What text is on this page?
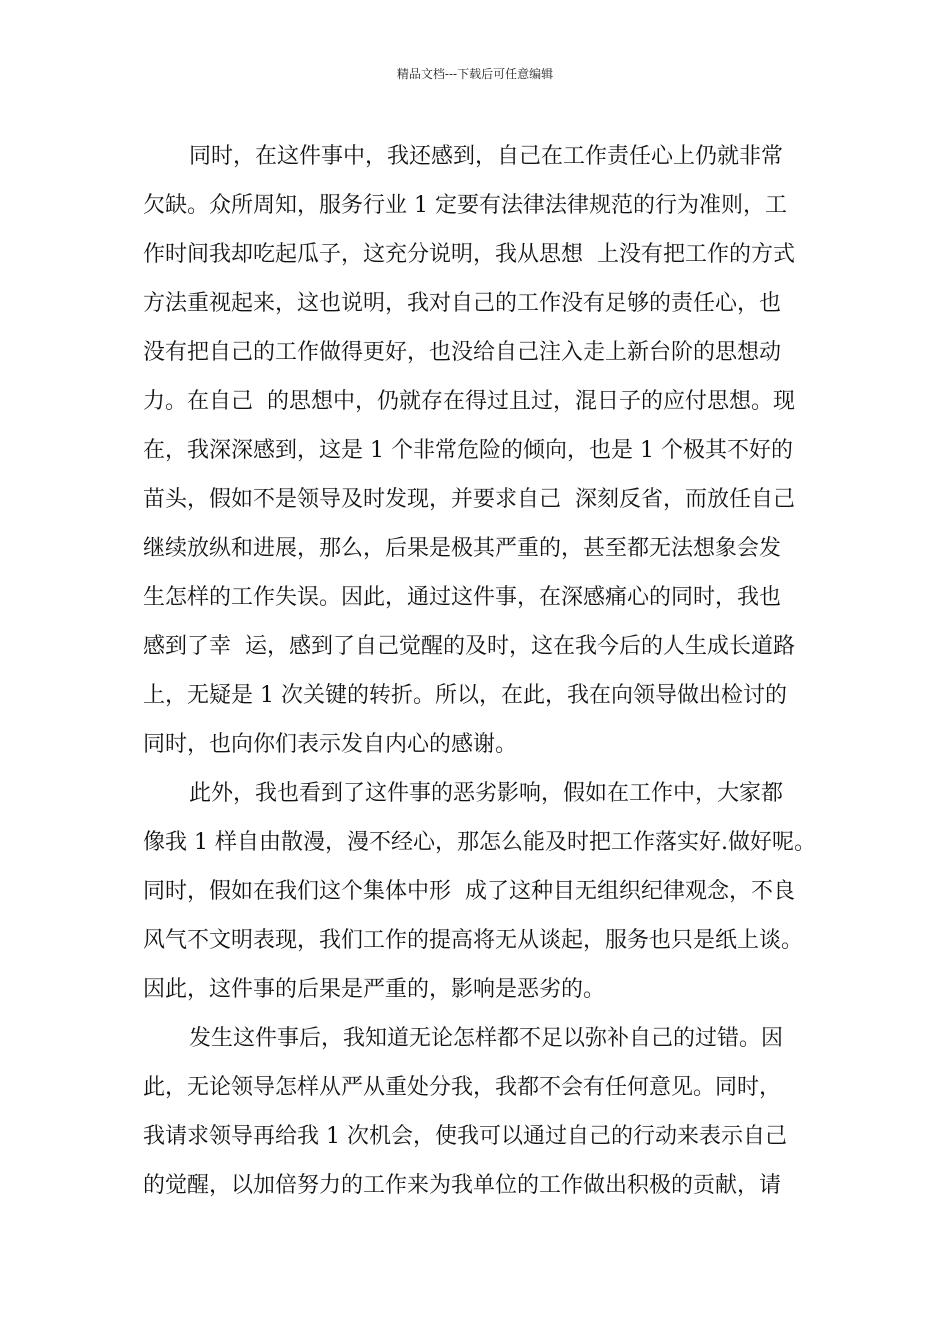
精品文档---下载后可任意编辑
同时，在这件事中，我还感到，自己在工作责任心上仍就非常
欠缺。众所周知，服务行业 1 定要有法律法律规范的行为准则，工
作时间我却吃起瓜子，这充分说明，我从思想  上没有把工作的方式
方法重视起来，这也说明，我对自己的工作没有足够的责任心，也
没有把自己的工作做得更好，也没给自己注入走上新台阶的思想动
力。在自己  的思想中，仍就存在得过且过，混日子的应付思想。现
在，我深深感到，这是 1 个非常危险的倾向，也是 1 个极其不好的
苗头，假如不是领导及时发现，并要求自己  深刻反省，而放任自己
继续放纵和进展，那么，后果是极其严重的，甚至都无法想象会发
生怎样的工作失误。因此，通过这件事，在深感痛心的同时，我也
感到了幸  运，感到了自己觉醒的及时，这在我今后的人生成长道路
上，无疑是 1 次关键的转折。所以，在此，我在向领导做出检讨的
同时，也向你们表示发自内心的感谢。
此外，我也看到了这件事的恶劣影响，假如在工作中，大家都
像我 1 样自由散漫，漫不经心，那怎么能及时把工作落实好.做好呢。
同时，假如在我们这个集体中形  成了这种目无组织纪律观念，不良
风气不文明表现，我们工作的提高将无从谈起，服务也只是纸上谈。
因此，这件事的后果是严重的，影响是恶劣的。
发生这件事后，我知道无论怎样都不足以弥补自己的过错。因
此，无论领导怎样从严从重处分我，我都不会有任何意见。同时，
我请求领导再给我 1 次机会，使我可以通过自己的行动来表示自己
的觉醒，以加倍努力的工作来为我单位的工作做出积极的贡献，请
